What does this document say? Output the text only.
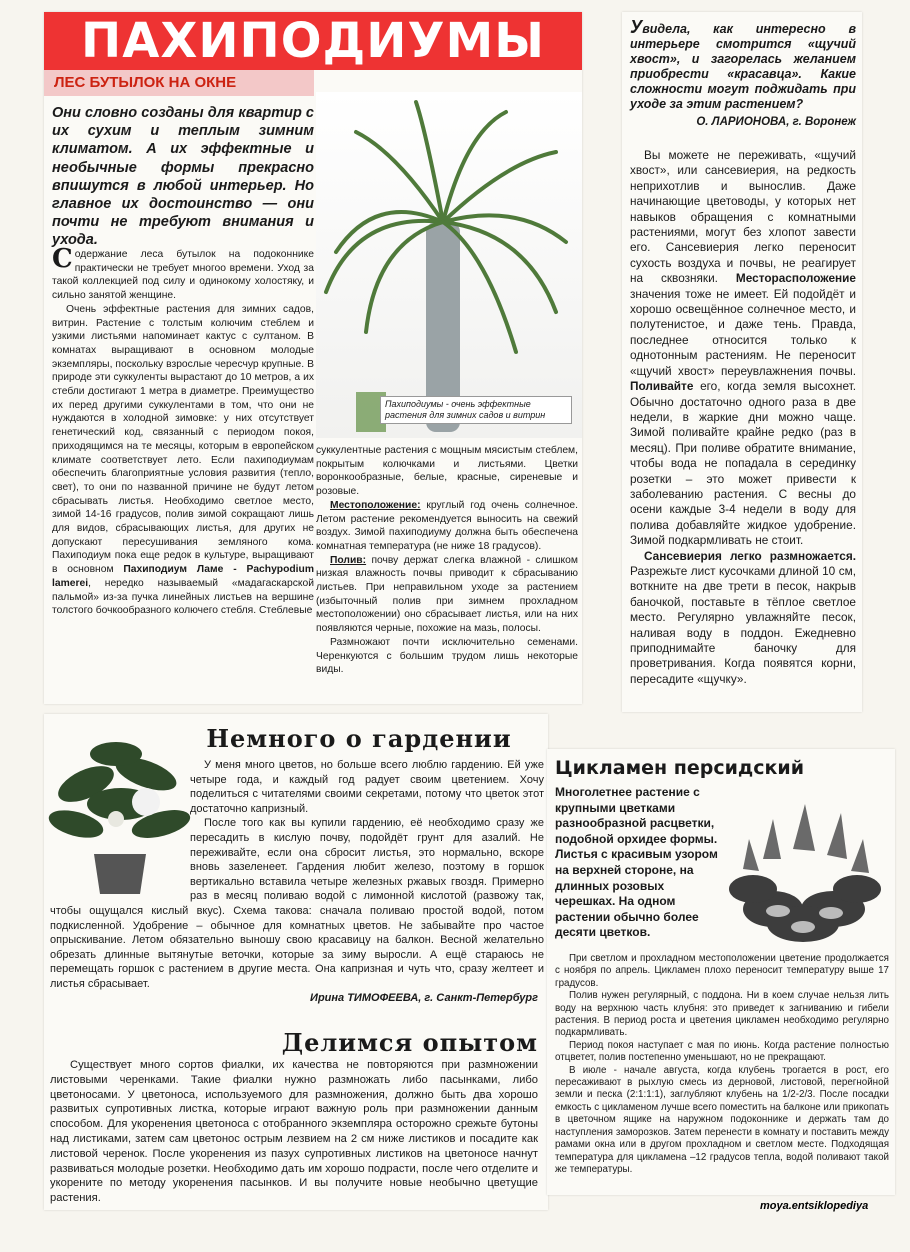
ПАХИПОДИУМЫ
ЛЕС БУТЫЛОК НА ОКНЕ
Они словно созданы для квартир с их сухим и теплым зимним климатом. А их эффектные и необычные формы прекрасно впишутся в любой интерьер. Но главное их достоинство — они почти не требуют внимания и ухода.
Пахиподиумы - очень эффектные растения для зимних садов и витрин

Содержание леса бутылок на подоконнике практически не требует многоо времени. Уход за такой коллекцией под силу и одинокому холостяку, и сильно занятой женщине.

Очень эффектные растения для зимних садов, витрин. Растение с толстым колючим стеблем и узкими листьями напоминает кактус с султаном. В комнатах выращивают в основном молодые экземпляры, поскольку взрослые чересчур крупные. В природе эти суккуленты вырастают до 10 метров, а их стебли достигают 1 метра в диаметре. Преимущество их перед другими суккулентами в том, что они не нуждаются в холодной зимовке: у них отсутствует генетический код, связанный с периодом покоя, приходящимся на те месяцы, которым в европейском климате соответствует лето. Если пахиподиумам обеспечить благоприятные условия развития (тепло, свет), то они по названной причине не будут летом сбрасывать листья. Необходимо светлое место, зимой 14-16 градусов, полив зимой сокращают лишь для видов, сбрасывающих листья, для других не допускают пересушивания земляного кома. Пахиподиум пока еще редок в культуре, выращивают в основном Пахиподиум Ламе - Pachypodium lamerei, нередко называемый «мадагаскарской пальмой» из-за пучка линейных листьев на вершине толстого бочкообразного колючего стебля. Стеблевые

суккулентные растения с мощным мясистым стеблем, покрытым колючками и листьями. Цветки воронкообразные, белые, красные, сиреневые и розовые.

Местоположение: круглый год очень солнечное. Летом растение рекомендуется выносить на свежий воздух. Зимой пахиподиуму должна быть обеспечена комнатная температура (не ниже 18 градусов).

Полив: почву держат слегка влажной - слишком низкая влажность почвы приводит к сбрасыванию листьев. При неправильном уходе за растением (избыточный полив при зимнем прохладном местоположении) оно сбрасывает листья, или на них появляются черные, похожие на мазь, полосы.

Размножают почти исключительно семенами. Черенкуются с большим трудом лишь некоторые виды.

Увидела, как интересно в интерьере смотрится «щучий хвост», и загорелась желанием приобрести «красавца». Какие сложности могут поджидать при уходе за этим растением?
О. ЛАРИОНОВА, г. Воронеж

Вы можете не переживать, «щучий хвост», или сансевиерия, на редкость неприхотлив и вынослив. Даже начинающие цветоводы, у которых нет навыков обращения с комнатными растениями, могут без хлопот завести его. Сансевиерия легко переносит сухость воздуха и почвы, не реагирует на сквозняки. Месторасположение значения тоже не имеет. Ей подойдёт и хорошо освещённое солнечное место, и полутенистое, и даже тень. Правда, последнее относится только к однотонным растениям. Не переносит «щучий хвост» переувлажнения почвы. Поливайте его, когда земля высохнет. Обычно достаточно одного раза в две недели, в жаркие дни можно чаще. Зимой поливайте крайне редко (раз в месяц). При поливе обратите внимание, чтобы вода не попадала в серединку розетки – это может привести к заболеванию растения. С весны до осени каждые 3-4 недели в воду для полива добавляйте жидкое удобрение. Зимой подкармливать не стоит.

Сансевиерия легко размножается. Разрежьте лист кусочками длиной 10 см, воткните на две трети в песок, накрыв баночкой, поставьте в тёплое светлое место. Регулярно увлажняйте песок, наливая воду в поддон. Ежедневно приподнимайте баночку для проветривания. Когда появятся корни, пересадите «щучку».

Немного о гардении

У меня много цветов, но больше всего люблю гардению. Ей уже четыре года, и каждый год радует своим цветением. Хочу поделиться с читателями своими секретами, потому что цветок этот достаточно капризный.

После того как вы купили гардению, её необходимо сразу же пересадить в кислую почву, подойдёт грунт для азалий. Не переживайте, если она сбросит листья, это нормально, вскоре вновь зазеленеет. Гардения любит железо, поэтому в горшок вертикально вставила четыре железных ржавых гвоздя. Примерно раз в месяц поливаю водой с лимонной кислотой (развожу так, чтобы ощущался кислый вкус). Схема такова: сначала поливаю простой водой, потом подкисленной. Удобрение – обычное для комнатных цветов. Не забывайте про частое опрыскивание. Летом обязательно выношу свою красавицу на балкон. Весной желательно обрезать длинные вытянутые веточки, которые за зиму выросли. А ещё стараюсь не перемещать горшок с растением в другие места. Она капризная и чуть что, сразу желтеет и листья сбрасывает.

Ирина ТИМОФЕЕВА, г. Санкт-Петербург
Делимся опытом

Существует много сортов фиалки, их качества не повторяются при размножении листовыми черенками. Такие фиалки нужно размножать либо пасынками, либо цветоносами. У цветоноса, используемого для размножения, должно быть два хорошо развитых супротивных листка, которые играют важную роль при размножении данным способом. Для укоренения цветоноса с отобранного экземпляра осторожно срежьте бутоны над листиками, затем сам цветонос острым лезвием на 2 см ниже листиков и посадите как листовой черенок. После укоренения из пазух супротивных листиков на цветоносе начнут развиваться молодые розетки. Необходимо дать им хорошо подрасти, после чего отделите и укорените по методу укоренения пасынков. И вы получите новые необычно цветущие растения.

Цикламен персидский
Многолетнее растение с крупными цветками разнообразной расцветки, подобной орхидее формы. Листья с красивым узором на верхней стороне, на длинных розовых черешках. На одном растении обычно более десяти цветков.

При светлом и прохладном местоположении цветение продолжается с ноября по апрель. Цикламен плохо переносит температуру выше 17 градусов.

Полив нужен регулярный, с поддона. Ни в коем случае нельзя лить воду на верхнюю часть клубня: это приведет к загниванию и гибели растения. В период роста и цветения цикламен необходимо регулярно подкармливать.

Период покоя наступает с мая по июнь. Когда растение полностью отцветет, полив постепенно уменьшают, но не прекращают.

В июле - начале августа, когда клубень трогается в рост, его пересаживают в рыхлую смесь из дерновой, листовой, перегнойной земли и песка (2:1:1:1), заглубляют клубень на 1/2-2/3. После посадки емкость с цикламеном лучше всего поместить на балконе или прикопать в цветочном ящике на наружном подоконнике и держать там до наступления заморозков. Затем перенести в комнату и поставить между рамами окна или в другом прохладном и светлом месте. Подходящая температура для цикламена –12 градусов тепла, водой поливают такой же температуры.

moya.entsiklopediya
